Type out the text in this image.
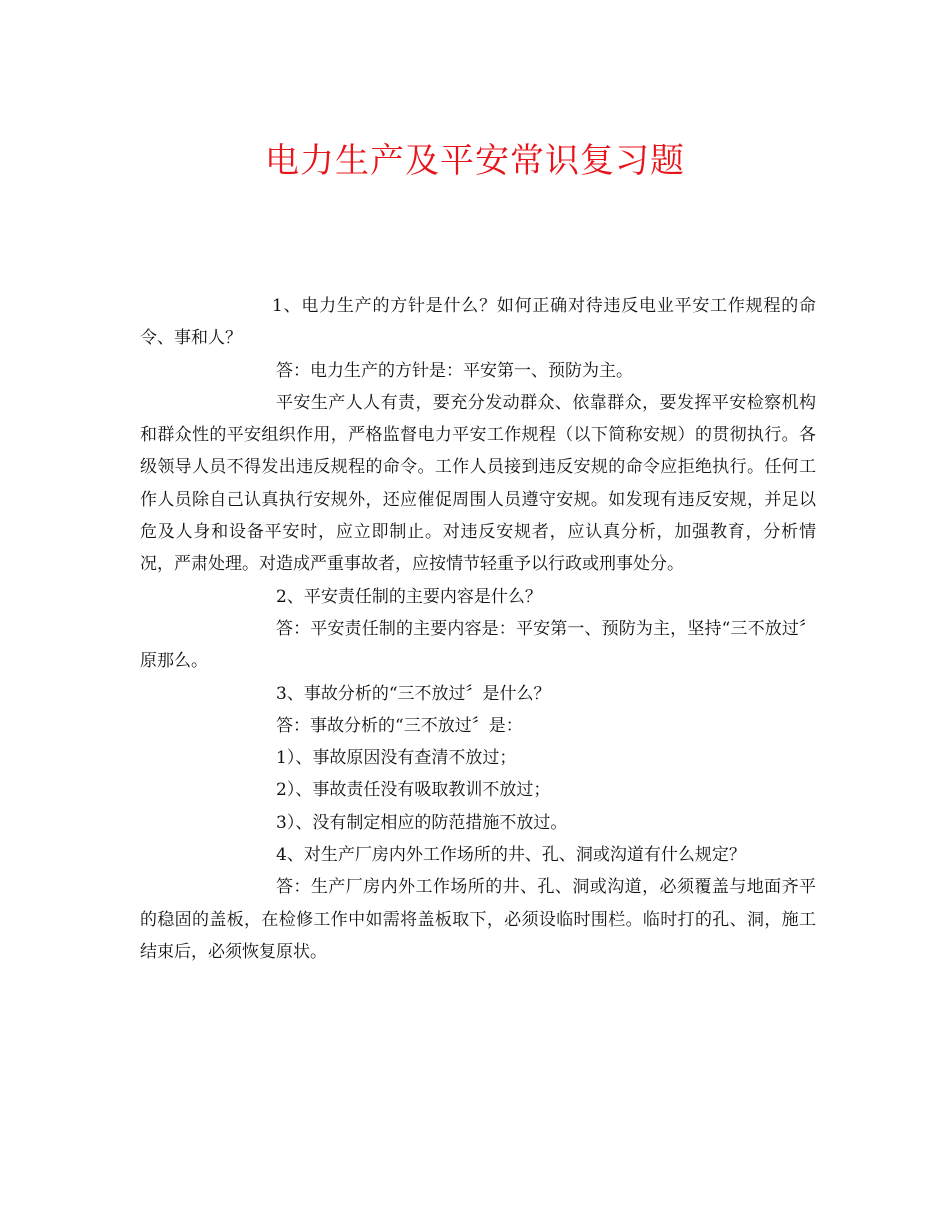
电力生产及平安常识复习题

1、电力生产的方针是什么？如何正确对待违反电业平安工作规程的命令、事和人？

答：电力生产的方针是：平安第一、预防为主。

平安生产人人有责，要充分发动群众、依靠群众，要发挥平安检察机构和群众性的平安组织作用，严格监督电力平安工作规程（以下简称安规）的贯彻执行。各级领导人员不得发出违反规程的命令。工作人员接到违反安规的命令应拒绝执行。任何工作人员除自己认真执行安规外，还应催促周围人员遵守安规。如发现有违反安规，并足以危及人身和设备平安时，应立即制止。对违反安规者，应认真分析，加强教育，分析情况，严肃处理。对造成严重事故者，应按情节轻重予以行政或刑事处分。

2、平安责任制的主要内容是什么？

答：平安责任制的主要内容是：平安第一、预防为主，坚持“三不放过〞原那么。

3、事故分析的“三不放过〞是什么？

答：事故分析的“三不放过〞是：

1）、事故原因没有查清不放过；

2）、事故责任没有吸取教训不放过；

3）、没有制定相应的防范措施不放过。

4、对生产厂房内外工作场所的井、孔、洞或沟道有什么规定？

答：生产厂房内外工作场所的井、孔、洞或沟道，必须覆盖与地面齐平的稳固的盖板，在检修工作中如需将盖板取下，必须设临时围栏。临时打的孔、洞，施工结束后，必须恢复原状。
